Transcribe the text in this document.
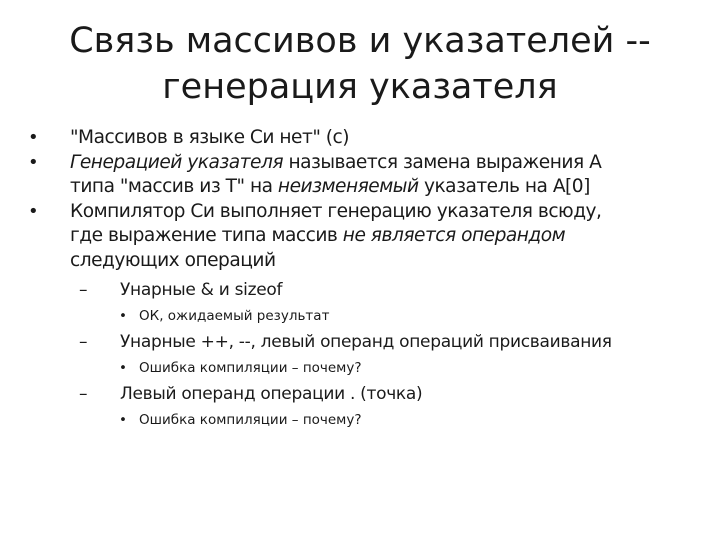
Связь массивов и указателей --
генерация указателя
• "Массивов в языке Си нет" (с)
• Генерацией указателя называется замена выражения A
типа "массив из T" на неизменяемый указатель на A[0]
• Компилятор Си выполняет генерацию указателя всюду,
где выражение типа массив не является операндом
следующих операций
– Унарные & и sizeof
• ОК, ожидаемый результат
– Унарные ++, --, левый операнд операций присваивания
• Ошибка компиляции – почему?
– Левый операнд операции . (точка)
• Ошибка компиляции – почему?
